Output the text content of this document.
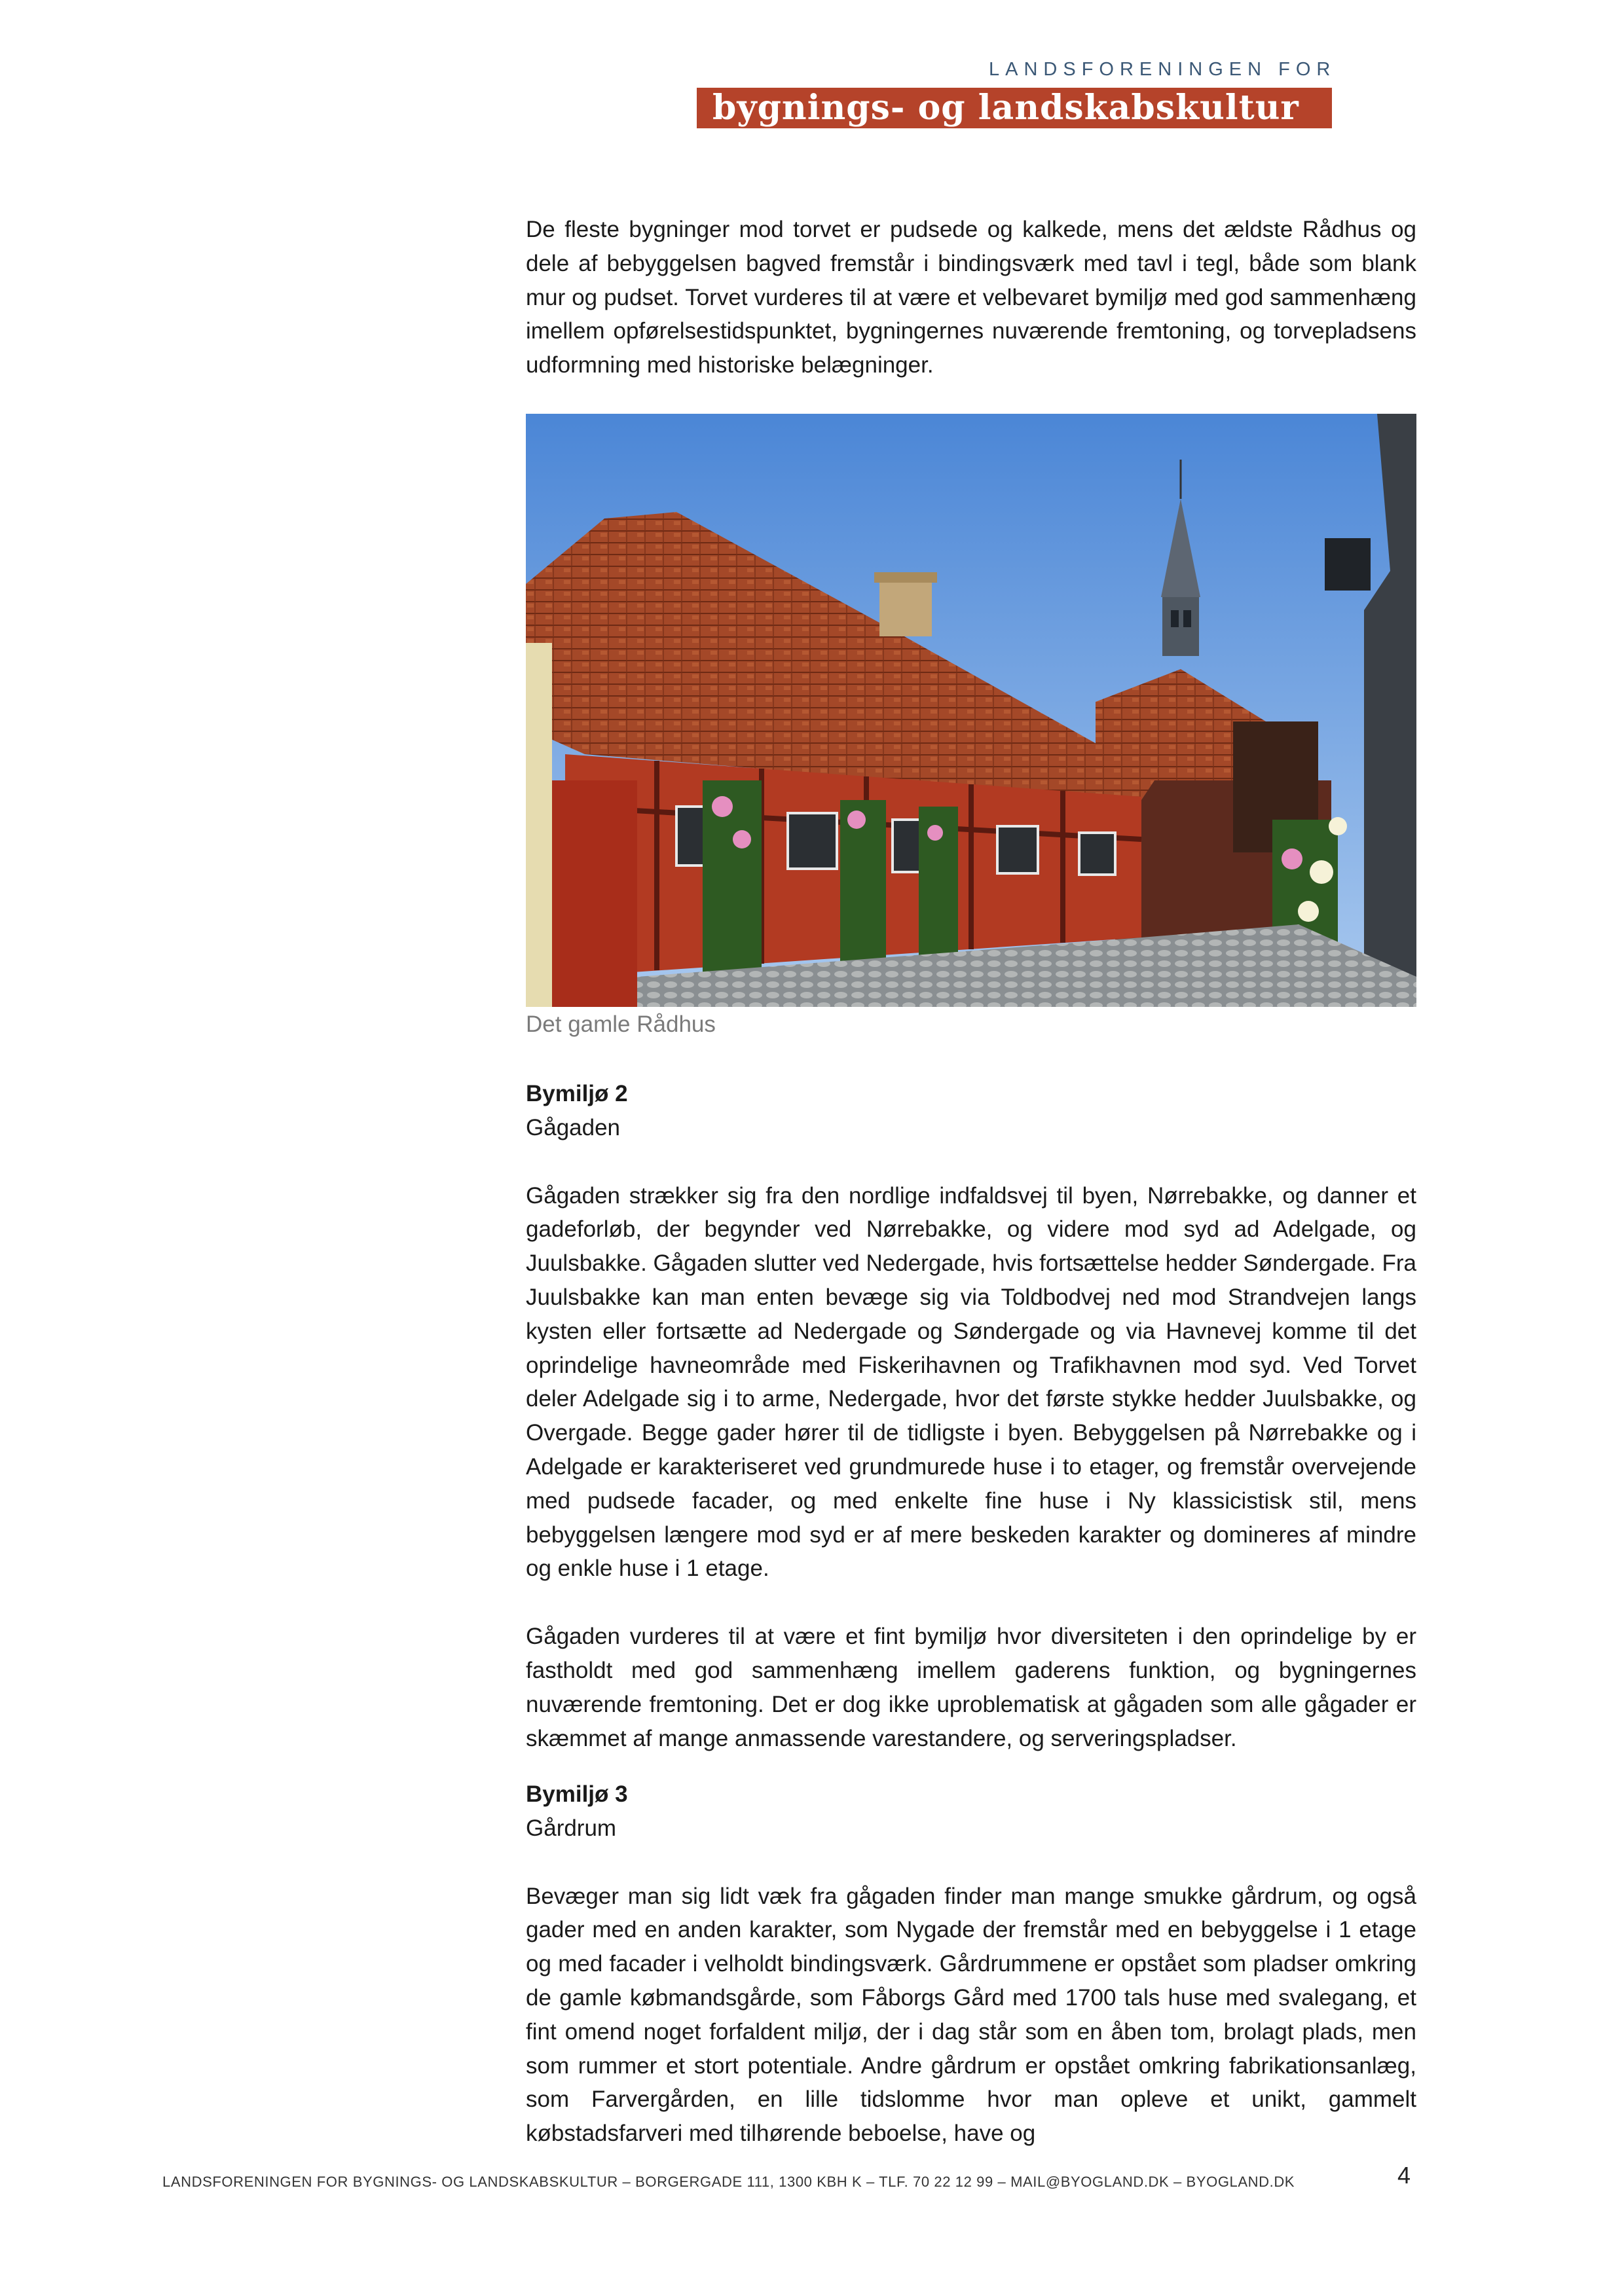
LANDSFORENINGEN FOR
bygnings- og landskabskultur

De fleste bygninger mod torvet er pudsede og kalkede, mens det ældste Rådhus og dele af bebyggelsen bagved fremstår i bindingsværk med tavl i tegl, både som blank mur og pudset. Torvet vurderes til at være et velbevaret bymiljø med god sammenhæng imellem opførelsestidspunktet, bygningernes nuværende fremtoning, og torvepladsens udformning med historiske belægninger.

Det gamle Rådhus

Bymiljø 2

Gågaden

Gågaden strækker sig fra den nordlige indfaldsvej til byen, Nørrebakke, og danner et gadeforløb, der begynder ved Nørrebakke, og videre mod syd ad Adelgade, og Juulsbakke. Gågaden slutter ved Nedergade, hvis fortsættelse hedder Søndergade. Fra Juulsbakke kan man enten bevæge sig via Toldbodvej ned mod Strandvejen langs kysten eller fortsætte ad Nedergade og Søndergade og via Havnevej komme til det oprindelige havneområde med Fiskerihavnen og Trafikhavnen mod syd. Ved Torvet deler Adelgade sig i to arme, Nedergade, hvor det første stykke hedder Juulsbakke, og Overgade. Begge gader hører til de tidligste i byen. Bebyggelsen på Nørrebakke og i Adelgade er karakteriseret ved grundmurede huse i to etager, og fremstår overvejende med pudsede facader, og med enkelte fine huse i Ny klassicistisk stil, mens bebyggelsen længere mod syd er af mere beskeden karakter og domineres af mindre og enkle huse i 1 etage.

Gågaden vurderes til at være et fint bymiljø hvor diversiteten i den oprindelige by er fastholdt med god sammenhæng imellem gaderens funktion, og bygningernes nuværende fremtoning. Det er dog ikke uproblematisk at gågaden som alle gågader er skæmmet af mange anmassende varestandere, og serveringspladser.

Bymiljø 3

Gårdrum

Bevæger man sig lidt væk fra gågaden finder man mange smukke gårdrum, og også gader med en anden karakter, som Nygade der fremstår med en bebyggelse i 1 etage og med facader i velholdt bindingsværk. Gårdrummene er opstået som pladser omkring de gamle købmandsgårde, som Fåborgs Gård med 1700 tals huse med svalegang, et fint omend noget forfaldent miljø, der i dag står som en åben tom, brolagt plads, men som rummer et stort potentiale. Andre gårdrum er opstået omkring fabrikationsanlæg, som Farvergården, en lille tidslomme hvor man opleve et unikt, gammelt købstadsfarveri med tilhørende beboelse, have og

LANDSFORENINGEN FOR BYGNINGS- OG LANDSKABSKULTUR – BORGERGADE 111, 1300 KBH K – TLF. 70 22 12 99 – MAIL@BYOGLAND.DK – BYOGLAND.DK	4
